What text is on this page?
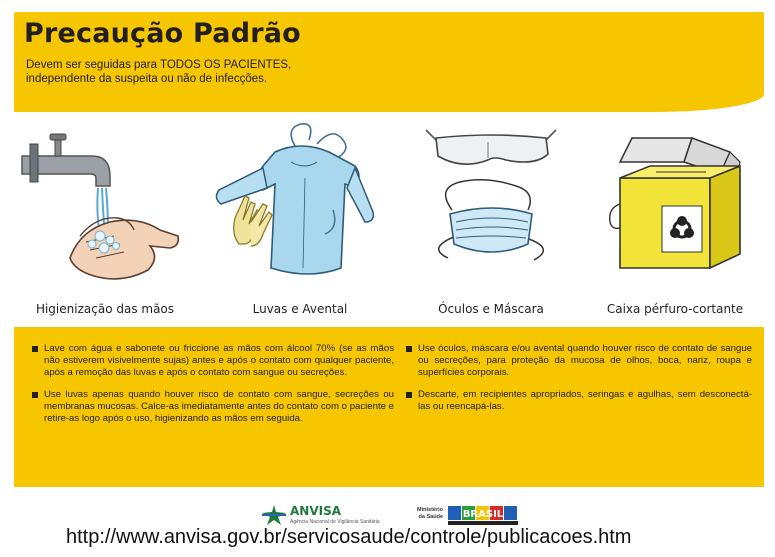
Precaução Padrão
Devem ser seguidas para TODOS OS PACIENTES,
independente da suspeita ou não de infecções.
Higienização das mãos	Luvas e Avental	Óculos e Máscara	Caixa pérfuro-cortante

Lave com água e sabonete ou friccione as mãos com álcool 70% (se as mãos não estiverem visivelmente sujas) antes e após o contato com qualquer paciente, após a remoção das luvas e após o contato com sangue ou secreções.

Use luvas apenas quando houver risco de contato com sangue, secreções ou membranas mucosas. Calce-as imediatamente antes do contato com o paciente e retire-as logo após o uso, higienizando as mãos em seguida.

Use óculos, máscara e/ou avental quando houver risco de contato de sangue ou secreções, para proteção da mucosa de olhos, boca, nariz, roupa e superfícies corporais.

Descarte, em recipientes apropriados, seringas e agulhas, sem desconectá-las ou reencapá-las.

ANVISA
Agência Nacional de Vigilância Sanitária
Ministério
da Saúde BRASIL
http://www.anvisa.gov.br/servicosaude/controle/publicacoes.htm
